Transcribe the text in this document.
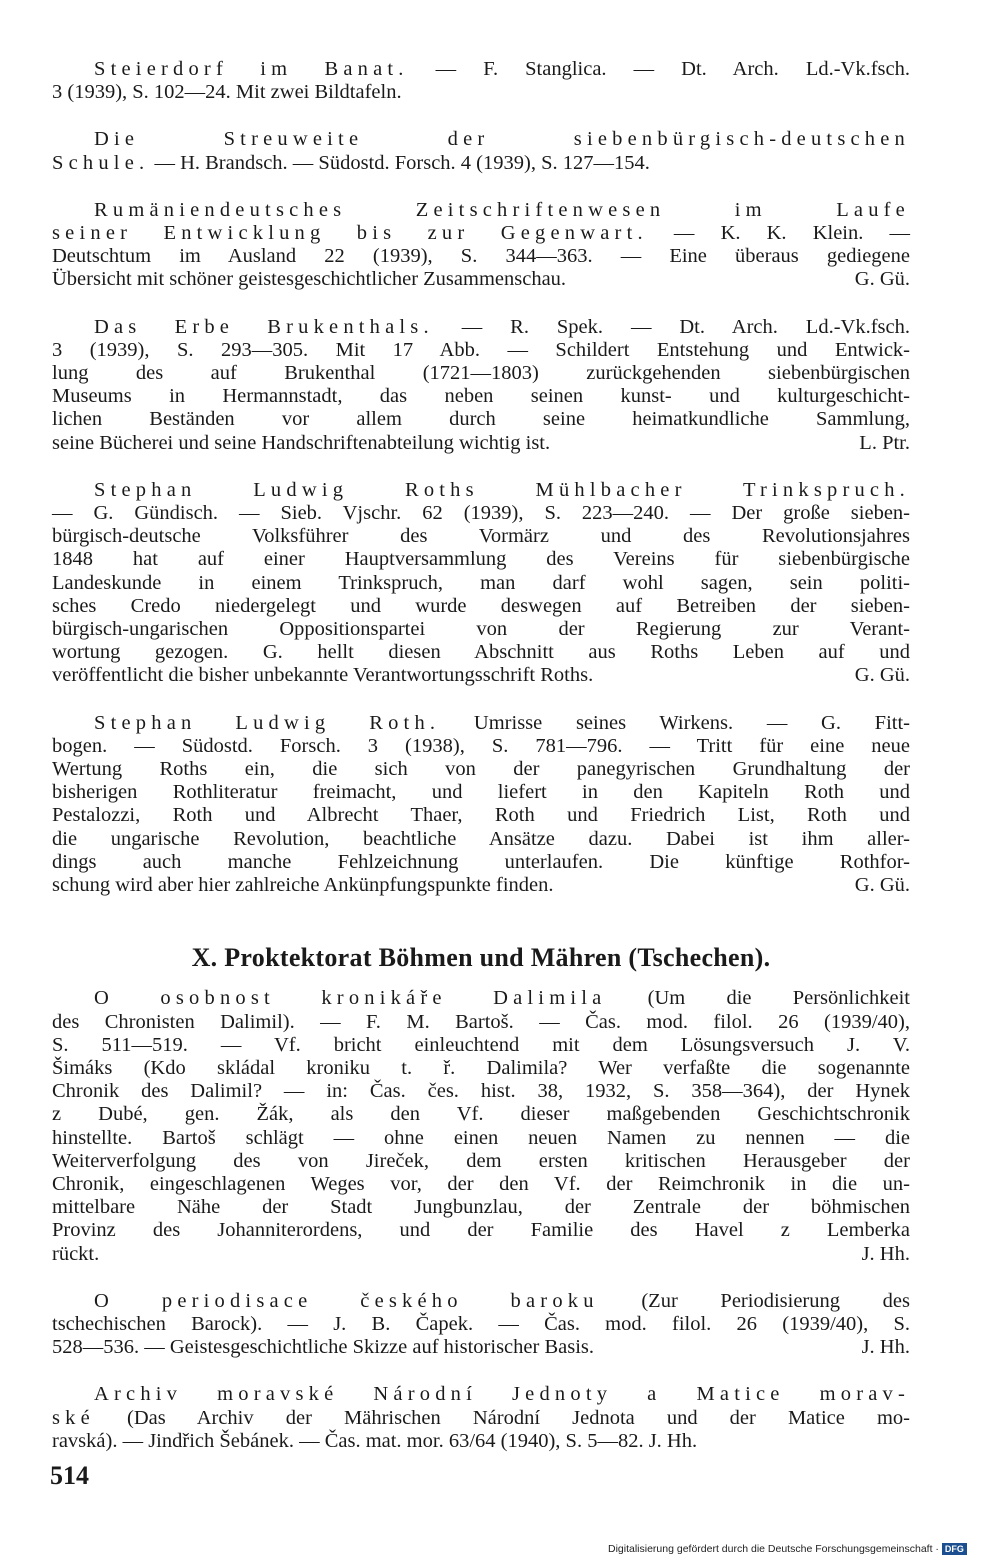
Steierdorf im Banat. — F. Stanglica. — Dt. Arch. Ld.-Vk.fsch.
3 (1939), S. 102—24. Mit zwei Bildtafeln.
Die Streuweite der siebenbürgisch-deutschen
Schule. — H. Brandsch. — Südostd. Forsch. 4 (1939), S. 127—154.
Rumäniendeutsches Zeitschriftenwesen im Laufe
seiner Entwicklung bis zur Gegenwart. — K. K. Klein. —
Deutschtum im Ausland 22 (1939), S. 344—363. — Eine überaus gediegene
Übersicht mit schöner geistesgeschichtlicher Zusammenschau.	G. Gü.
Das Erbe Brukenthals. — R. Spek. — Dt. Arch. Ld.-Vk.fsch.
3 (1939), S. 293—305. Mit 17 Abb. — Schildert Entstehung und Entwick-
lung des auf Brukenthal (1721—1803) zurückgehenden siebenbürgischen
Museums in Hermannstadt, das neben seinen kunst- und kulturgeschicht-
lichen Beständen vor allem durch seine heimatkundliche Sammlung,
seine Bücherei und seine Handschriftenabteilung wichtig ist.	L. Ptr.
Stephan Ludwig Roths Mühlbacher Trinkspruch.
— G. Gündisch. — Sieb. Vjschr. 62 (1939), S. 223—240. — Der große sieben-
bürgisch-deutsche Volksführer des Vormärz und des Revolutionsjahres
1848 hat auf einer Hauptversammlung des Vereins für siebenbürgische
Landeskunde in einem Trinkspruch, man darf wohl sagen, sein politi-
sches Credo niedergelegt und wurde deswegen auf Betreiben der sieben-
bürgisch-ungarischen Oppositionspartei von der Regierung zur Verant-
wortung gezogen. G. hellt diesen Abschnitt aus Roths Leben auf und
veröffentlicht die bisher unbekannte Verantwortungsschrift Roths.	G. Gü.
Stephan Ludwig Roth. Umrisse seines Wirkens. — G. Fitt-
bogen. — Südostd. Forsch. 3 (1938), S. 781—796. — Tritt für eine neue
Wertung Roths ein, die sich von der panegyrischen Grundhaltung der
bisherigen Rothliteratur freimacht, und liefert in den Kapiteln Roth und
Pestalozzi, Roth und Albrecht Thaer, Roth und Friedrich List, Roth und
die ungarische Revolution, beachtliche Ansätze dazu. Dabei ist ihm aller-
dings auch manche Fehlzeichnung unterlaufen. Die künftige Rothfor-
schung wird aber hier zahlreiche Ankünpfungspunkte finden.	G. Gü.
X. Proktektorat Böhmen und Mähren (Tschechen).
O osobnost kronikáře Dalimila (Um die Persönlichkeit
des Chronisten Dalimil). — F. M. Bartoš. — Čas. mod. filol. 26 (1939/40),
S. 511—519. — Vf. bricht einleuchtend mit dem Lösungsversuch J. V.
Šimáks (Kdo skládal kroniku t. ř. Dalimila? Wer verfaßte die sogenannte
Chronik des Dalimil? — in: Čas. čes. hist. 38, 1932, S. 358—364), der Hynek
z Dubé, gen. Žák, als den Vf. dieser maßgebenden Geschichtschronik
hinstellte. Bartoš schlägt — ohne einen neuen Namen zu nennen — die
Weiterverfolgung des von Jireček, dem ersten kritischen Herausgeber der
Chronik, eingeschlagenen Weges vor, der den Vf. der Reimchronik in die un-
mittelbare Nähe der Stadt Jungbunzlau, der Zentrale der böhmischen
Provinz des Johanniterordens, und der Familie des Havel z Lemberka
rückt.	J. Hh.
O periodisace českého baroku (Zur Periodisierung des
tschechischen Barock). — J. B. Čapek. — Čas. mod. filol. 26 (1939/40), S.
528—536. — Geistesgeschichtliche Skizze auf historischer Basis.	J. Hh.
Archiv moravské Národní Jednoty a Matice morav-
ské (Das Archiv der Mährischen Národní Jednota und der Matice mo-
ravská). — Jindřich Šebánek. — Čas. mat. mor. 63/64 (1940), S. 5—82. J. Hh.
514
Digitalisierung gefördert durch die Deutsche Forschungsgemeinschaft · DFG
